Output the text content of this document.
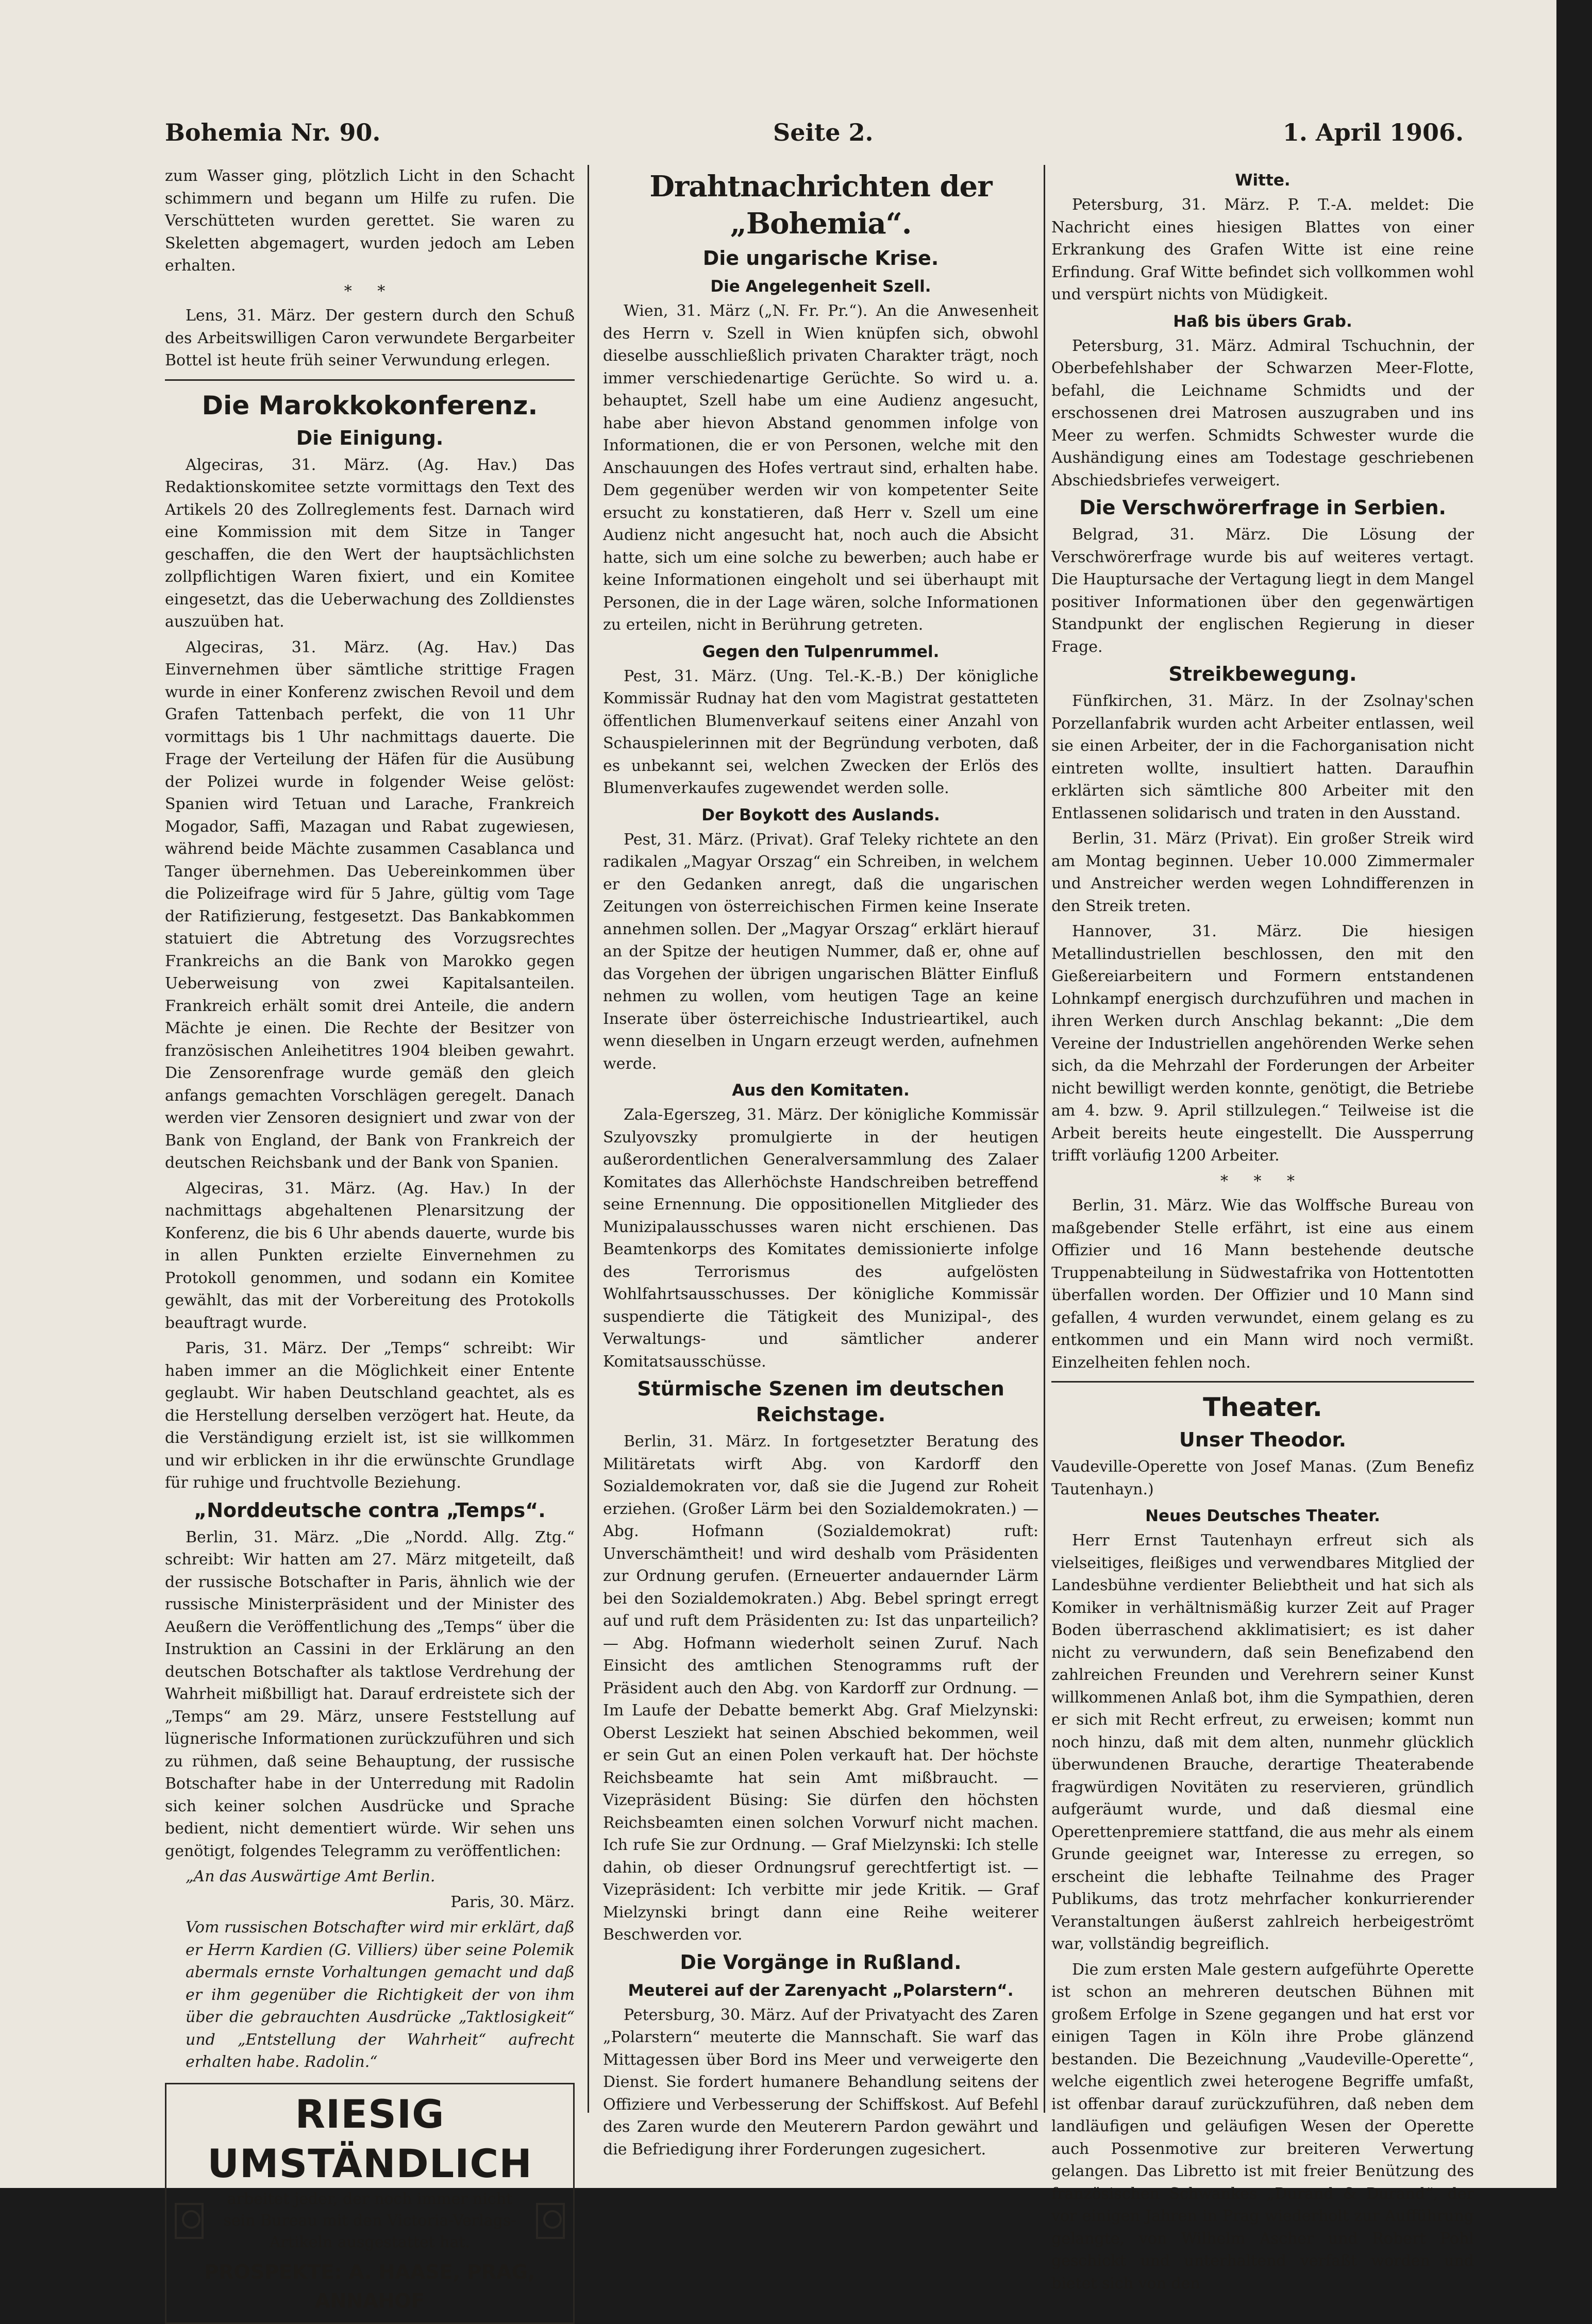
Bohemia Nr. 90.	Seite 2.	1. April 1906.

zum Wasser ging, plötzlich Licht in den Schacht schimmern und begann um Hilfe zu rufen. Die Verschütteten wurden gerettet. Sie waren zu Skeletten abgemagert, wurden jedoch am Leben erhalten.

* *

Lens, 31. März. Der gestern durch den Schuß des Arbeitswilligen Caron verwundete Bergarbeiter Bottel ist heute früh seiner Verwundung erlegen.

Die Marokkokonferenz.
Die Einigung.

Algeciras, 31. März. (Ag. Hav.) Das Redaktionskomitee setzte vormittags den Text des Artikels 20 des Zollreglements fest. Darnach wird eine Kommission mit dem Sitze in Tanger geschaffen, die den Wert der hauptsächlichsten zollpflichtigen Waren fixiert, und ein Komitee eingesetzt, das die Ueberwachung des Zolldienstes auszuüben hat.

Algeciras, 31. März. (Ag. Hav.) Das Einvernehmen über sämtliche strittige Fragen wurde in einer Konferenz zwischen Revoil und dem Grafen Tattenbach perfekt, die von 11 Uhr vormittags bis 1 Uhr nachmittags dauerte. Die Frage der Verteilung der Häfen für die Ausübung der Polizei wurde in folgender Weise gelöst: Spanien wird Tetuan und Larache, Frankreich Mogador, Saffi, Mazagan und Rabat zugewiesen, während beide Mächte zusammen Casablanca und Tanger übernehmen. Das Uebereinkommen über die Polizeifrage wird für 5 Jahre, gültig vom Tage der Ratifizierung, festgesetzt. Das Bankabkommen statuiert die Abtretung des Vorzugsrechtes Frankreichs an die Bank von Marokko gegen Ueberweisung von zwei Kapitalsanteilen. Frankreich erhält somit drei Anteile, die andern Mächte je einen. Die Rechte der Besitzer von französischen Anleihetitres 1904 bleiben gewahrt. Die Zensorenfrage wurde gemäß den gleich anfangs gemachten Vorschlägen geregelt. Danach werden vier Zensoren designiert und zwar von der Bank von England, der Bank von Frankreich der deutschen Reichsbank und der Bank von Spanien.

Algeciras, 31. März. (Ag. Hav.) In der nachmittags abgehaltenen Plenarsitzung der Konferenz, die bis 6 Uhr abends dauerte, wurde bis in allen Punkten erzielte Einvernehmen zu Protokoll genommen, und sodann ein Komitee gewählt, das mit der Vorbereitung des Protokolls beauftragt wurde.

Paris, 31. März. Der „Temps“ schreibt: Wir haben immer an die Möglichkeit einer Entente geglaubt. Wir haben Deutschland geachtet, als es die Herstellung derselben verzögert hat. Heute, da die Verständigung erzielt ist, ist sie willkommen und wir erblicken in ihr die erwünschte Grundlage für ruhige und fruchtvolle Beziehung.

„Norddeutsche contra „Temps“.

Berlin, 31. März. „Die „Nordd. Allg. Ztg.“ schreibt: Wir hatten am 27. März mitgeteilt, daß der russische Botschafter in Paris, ähnlich wie der russische Ministerpräsident und der Minister des Aeußern die Veröffentlichung des „Temps“ über die Instruktion an Cassini in der Erklärung an den deutschen Botschafter als taktlose Verdrehung der Wahrheit mißbilligt hat. Darauf erdreistete sich der „Temps“ am 29. März, unsere Feststellung auf lügnerische Informationen zurückzuführen und sich zu rühmen, daß seine Behauptung, der russische Botschafter habe in der Unterredung mit Radolin sich keiner solchen Ausdrücke und Sprache bedient, nicht dementiert würde. Wir sehen uns genötigt, folgendes Telegramm zu veröffentlichen:

„An das Auswärtige Amt Berlin.

Paris, 30. März.

Vom russischen Botschafter wird mir erklärt, daß er Herrn Kardien (G. Villiers) über seine Polemik abermals ernste Vorhaltungen gemacht und daß er ihm gegenüber die Richtigkeit der von ihm über die gebrauchten Ausdrücke „Taktlosigkeit“ und „Entstellung der Wahrheit“ aufrecht erhalten habe. Radolin.“

RIESIG UMSTÄNDLICH
arbeitet jeder, der noch immer nicht sein Bureau mit den Victoria-Verlags-Artikeln ausgestattet hat.
PROSPEKTE: A. HAASE, PRAG, ANNAHOF
Drahtnachrichten der „Bohemia“.
Die ungarische Krise.
Die Angelegenheit Szell.

Wien, 31. März („N. Fr. Pr.“). An die Anwesenheit des Herrn v. Szell in Wien knüpfen sich, obwohl dieselbe ausschließlich privaten Charakter trägt, noch immer verschiedenartige Gerüchte. So wird u. a. behauptet, Szell habe um eine Audienz angesucht, habe aber hievon Abstand genommen infolge von Informationen, die er von Personen, welche mit den Anschauungen des Hofes vertraut sind, erhalten habe. Dem gegenüber werden wir von kompetenter Seite ersucht zu konstatieren, daß Herr v. Szell um eine Audienz nicht angesucht hat, noch auch die Absicht hatte, sich um eine solche zu bewerben; auch habe er keine Informationen eingeholt und sei überhaupt mit Personen, die in der Lage wären, solche Informationen zu erteilen, nicht in Berührung getreten.

Gegen den Tulpenrummel.

Pest, 31. März. (Ung. Tel.-K.-B.) Der königliche Kommissär Rudnay hat den vom Magistrat gestatteten öffentlichen Blumenverkauf seitens einer Anzahl von Schauspielerinnen mit der Begründung verboten, daß es unbekannt sei, welchen Zwecken der Erlös des Blumenverkaufes zugewendet werden solle.

Der Boykott des Auslands.

Pest, 31. März. (Privat). Graf Teleky richtete an den radikalen „Magyar Orszag“ ein Schreiben, in welchem er den Gedanken anregt, daß die ungarischen Zeitungen von österreichischen Firmen keine Inserate annehmen sollen. Der „Magyar Orszag“ erklärt hierauf an der Spitze der heutigen Nummer, daß er, ohne auf das Vorgehen der übrigen ungarischen Blätter Einfluß nehmen zu wollen, vom heutigen Tage an keine Inserate über österreichische Industrieartikel, auch wenn dieselben in Ungarn erzeugt werden, aufnehmen werde.

Aus den Komitaten.

Zala-Egerszeg, 31. März. Der königliche Kommissär Szulyovszky promulgierte in der heutigen außerordentlichen Generalversammlung des Zalaer Komitates das Allerhöchste Handschreiben betreffend seine Ernennung. Die oppositionellen Mitglieder des Munizipalausschusses waren nicht erschienen. Das Beamtenkorps des Komitates demissionierte infolge des Terrorismus des aufgelösten Wohlfahrtsausschusses. Der königliche Kommissär suspendierte die Tätigkeit des Munizipal-, des Verwaltungs- und sämtlicher anderer Komitatsausschüsse.

Stürmische Szenen im deutschen Reichstage.

Berlin, 31. März. In fortgesetzter Beratung des Militäretats wirft Abg. von Kardorff den Sozialdemokraten vor, daß sie die Jugend zur Roheit erziehen. (Großer Lärm bei den Sozialdemokraten.) — Abg. Hofmann (Sozialdemokrat) ruft: Unverschämtheit! und wird deshalb vom Präsidenten zur Ordnung gerufen. (Erneuerter andauernder Lärm bei den Sozialdemokraten.) Abg. Bebel springt erregt auf und ruft dem Präsidenten zu: Ist das unparteilich? — Abg. Hofmann wiederholt seinen Zuruf. Nach Einsicht des amtlichen Stenogramms ruft der Präsident auch den Abg. von Kardorff zur Ordnung. — Im Laufe der Debatte bemerkt Abg. Graf Mielzynski: Oberst Lesziekt hat seinen Abschied bekommen, weil er sein Gut an einen Polen verkauft hat. Der höchste Reichsbeamte hat sein Amt mißbraucht. — Vizepräsident Büsing: Sie dürfen den höchsten Reichsbeamten einen solchen Vorwurf nicht machen. Ich rufe Sie zur Ordnung. — Graf Mielzynski: Ich stelle dahin, ob dieser Ordnungsruf gerechtfertigt ist. — Vizepräsident: Ich verbitte mir jede Kritik. — Graf Mielzynski bringt dann eine Reihe weiterer Beschwerden vor.

Die Vorgänge in Rußland.
Meuterei auf der Zarenyacht „Polarstern“.

Petersburg, 30. März. Auf der Privatyacht des Zaren „Polarstern“ meuterte die Mannschaft. Sie warf das Mittagessen über Bord ins Meer und verweigerte den Dienst. Sie fordert humanere Behandlung seitens der Offiziere und Verbesserung der Schiffskost. Auf Befehl des Zaren wurde den Meuterern Pardon gewährt und die Befriedigung ihrer Forderungen zugesichert.

Witte.

Petersburg, 31. März. P. T.-A. meldet: Die Nachricht eines hiesigen Blattes von einer Erkrankung des Grafen Witte ist eine reine Erfindung. Graf Witte befindet sich vollkommen wohl und verspürt nichts von Müdigkeit.

Haß bis übers Grab.

Petersburg, 31. März. Admiral Tschuchnin, der Oberbefehlshaber der Schwarzen Meer-Flotte, befahl, die Leichname Schmidts und der erschossenen drei Matrosen auszugraben und ins Meer zu werfen. Schmidts Schwester wurde die Aushändigung eines am Todestage geschriebenen Abschiedsbriefes verweigert.

Die Verschwörerfrage in Serbien.

Belgrad, 31. März. Die Lösung der Verschwörerfrage wurde bis auf weiteres vertagt. Die Hauptursache der Vertagung liegt in dem Mangel positiver Informationen über den gegenwärtigen Standpunkt der englischen Regierung in dieser Frage.

Streikbewegung.

Fünfkirchen, 31. März. In der Zsolnay'schen Porzellanfabrik wurden acht Arbeiter entlassen, weil sie einen Arbeiter, der in die Fachorganisation nicht eintreten wollte, insultiert hatten. Daraufhin erklärten sich sämtliche 800 Arbeiter mit den Entlassenen solidarisch und traten in den Ausstand.

Berlin, 31. März (Privat). Ein großer Streik wird am Montag beginnen. Ueber 10.000 Zimmermaler und Anstreicher werden wegen Lohndifferenzen in den Streik treten.

Hannover, 31. März. Die hiesigen Metallindustriellen beschlossen, den mit den Gießereiarbeitern und Formern entstandenen Lohnkampf energisch durchzuführen und machen in ihren Werken durch Anschlag bekannt: „Die dem Vereine der Industriellen angehörenden Werke sehen sich, da die Mehrzahl der Forderungen der Arbeiter nicht bewilligt werden konnte, genötigt, die Betriebe am 4. bzw. 9. April stillzulegen.“ Teilweise ist die Arbeit bereits heute eingestellt. Die Aussperrung trifft vorläufig 1200 Arbeiter.

* * *

Berlin, 31. März. Wie das Wolffsche Bureau von maßgebender Stelle erfährt, ist eine aus einem Offizier und 16 Mann bestehende deutsche Truppenabteilung in Südwestafrika von Hottentotten überfallen worden. Der Offizier und 10 Mann sind gefallen, 4 wurden verwundet, einem gelang es zu entkommen und ein Mann wird noch vermißt. Einzelheiten fehlen noch.

Theater.
Unser Theodor.

Vaudeville-Operette von Josef Manas. (Zum Benefiz Tautenhayn.)

Neues Deutsches Theater.

Herr Ernst Tautenhayn erfreut sich als vielseitiges, fleißiges und verwendbares Mitglied der Landesbühne verdienter Beliebtheit und hat sich als Komiker in verhältnismäßig kurzer Zeit auf Prager Boden überraschend akklimatisiert; es ist daher nicht zu verwundern, daß sein Benefizabend den zahlreichen Freunden und Verehrern seiner Kunst willkommenen Anlaß bot, ihm die Sympathien, deren er sich mit Recht erfreut, zu erweisen; kommt nun noch hinzu, daß mit dem alten, nunmehr glücklich überwundenen Brauche, derartige Theaterabende fragwürdigen Novitäten zu reservieren, gründlich aufgeräumt wurde, und daß diesmal eine Operettenpremiere stattfand, die aus mehr als einem Grunde geeignet war, Interesse zu erregen, so erscheint die lebhafte Teilnahme des Prager Publikums, das trotz mehrfacher konkurrierender Veranstaltungen äußerst zahlreich herbeigeströmt war, vollständig begreiflich.

Die zum ersten Male gestern aufgeführte Operette ist schon an mehreren deutschen Bühnen mit großem Erfolge in Szene gegangen und hat erst vor einigen Tagen in Köln ihre Probe glänzend bestanden. Die Bezeichnung „Vaudeville-Operette“, welche eigentlich zwei heterogene Begriffe umfaßt, ist offenbar darauf zurückzuführen, daß neben dem landläufigen und geläufigen Wesen der Operette auch Possenmotive zur breiteren Verwertung gelangen. Das Libretto ist mit freier Benützung des französischen Schwankes „Durand & Durand“, der vor einigen Jahren in Prag wiederholt zur Aufführung gelangte, von Wilhelm Ascher und Robert Pohl geschickt und unterhaltend verfaßt worden und bietet sich von den
